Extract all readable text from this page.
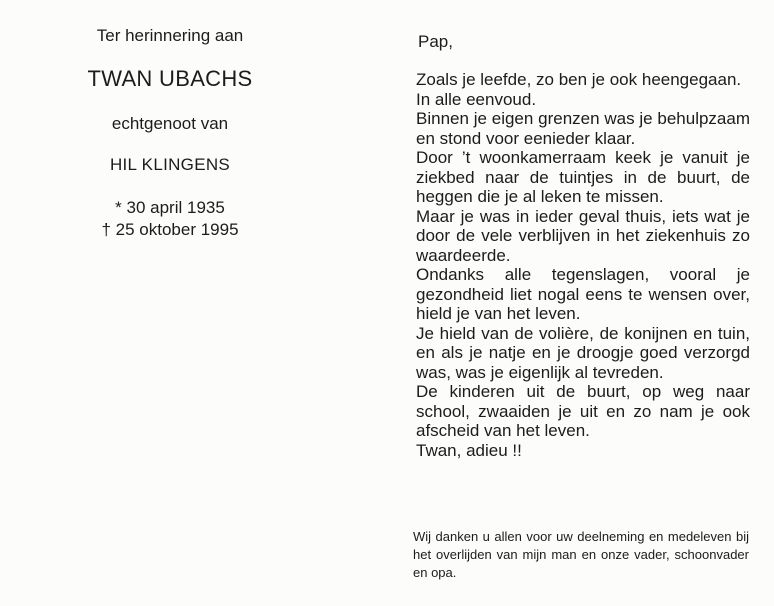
Ter herinnering aan
TWAN UBACHS
echtgenoot van
HIL KLINGENS
* 30 april 1935
† 25 oktober 1995
Pap,
Zoals je leefde, zo ben je ook heengegaan.
In alle eenvoud.
Binnen je eigen grenzen was je behulpzaam en stond voor eenieder klaar.
Door ’t woonkamerraam keek je vanuit je ziekbed naar de tuintjes in de buurt, de heggen die je al leken te missen.
Maar je was in ieder geval thuis, iets wat je door de vele verblijven in het ziekenhuis zo waardeerde.
Ondanks alle tegenslagen, vooral je gezondheid liet nogal eens te wensen over, hield je van het leven.
Je hield van de volière, de konijnen en tuin, en als je natje en je droogje goed verzorgd was, was je eigenlijk al tevreden.
De kinderen uit de buurt, op weg naar school, zwaaiden je uit en zo nam je ook afscheid van het leven.
Twan, adieu !!
Wij danken u allen voor uw deelneming en medeleven bij het overlijden van mijn man en onze vader, schoonvader en opa.
